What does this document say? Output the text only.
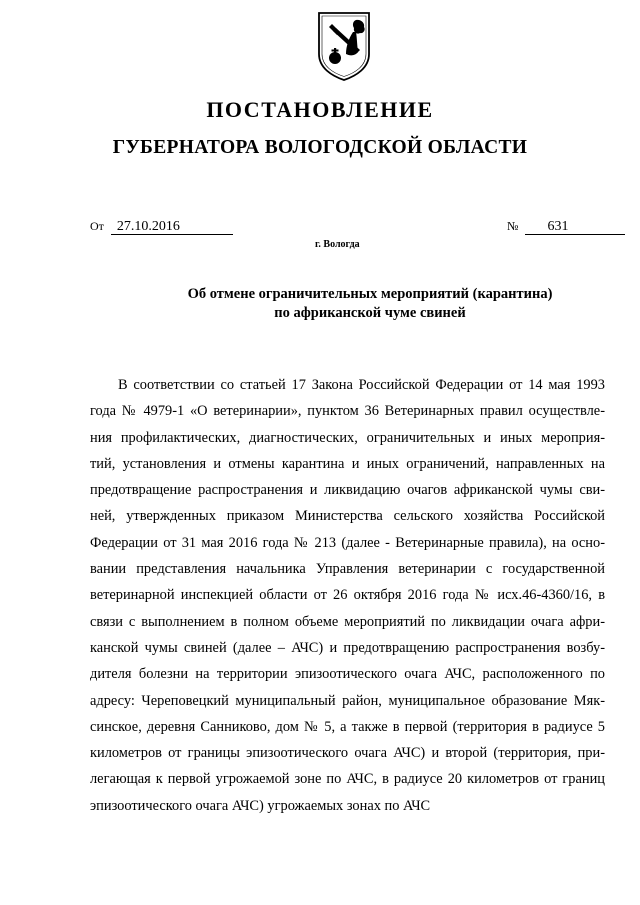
ПОСТАНОВЛЕНИЕ
ГУБЕРНАТОРА ВОЛОГОДСКОЙ ОБЛАСТИ
От 27.10.2016	№ 631
г. Вологда
Об отмене ограничительных мероприятий (карантина)
по африканской чуме свиней
В соответствии со статьей 17 Закона Российской Федерации от 14 мая 1993
года № 4979-1 «О ветеринарии», пунктом 36 Ветеринарных правил осуществле-
ния профилактических, диагностических, ограничительных и иных мероприя-
тий, установления и отмены карантина и иных ограничений, направленных на
предотвращение распространения и ликвидацию очагов африканской чумы сви-
ней, утвержденных приказом Министерства сельского хозяйства Российской
Федерации от 31 мая 2016 года № 213 (далее - Ветеринарные правила), на осно-
вании представления начальника Управления ветеринарии с государственной
ветеринарной инспекцией области от 26 октября 2016 года № исх.46-4360/16, в
связи с выполнением в полном объеме мероприятий по ликвидации очага афри-
канской чумы свиней (далее – АЧС) и предотвращению распространения возбу-
дителя болезни на территории эпизоотического очага АЧС, расположенного по
адресу: Череповецкий муниципальный район, муниципальное образование Мяк-
синское, деревня Санниково, дом № 5, а также в первой (территория в радиусе 5
километров от границы эпизоотического очага АЧС) и второй (территория, при-
легающая к первой угрожаемой зоне по АЧС, в радиусе 20 километров от границ
эпизоотического очага АЧС) угрожаемых зонах по АЧС
